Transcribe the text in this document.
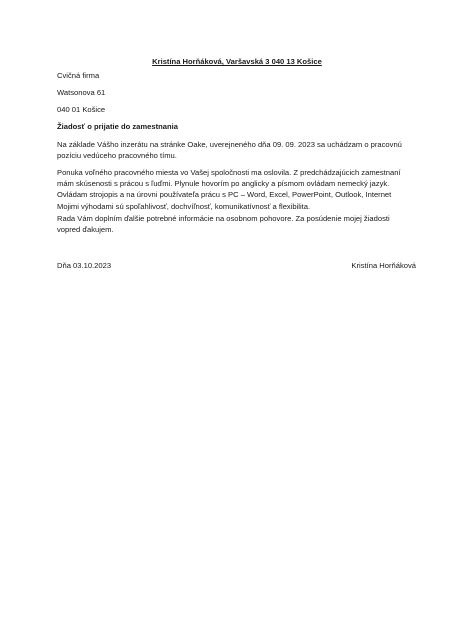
Kristína Horňáková, Varšavská 3 040 13 Košice
Cvičná firma
Watsonova 61
040 01 Košice
Žiadosť o prijatie do zamestnania

Na základe Vášho inzerátu na stránke Oake, uverejneného dňa 09. 09. 2023 sa uchádzam o pracovnú

pozíciu vedúceho pracovného tímu.

Ponuka voľného pracovného miesta vo Vašej spoločnosti ma oslovila. Z predchádzajúcich zamestnaní

mám skúsenosti s prácou s ľuďmi. Plynule hovorím po anglicky a písmom ovládam nemecký jazyk.

Ovládam strojopis a na úrovni používateľa prácu s PC – Word, Excel, PowerPoint, Outlook, Internet

Mojimi výhodami sú spoľahlivosť, dochvíľnosť, komunikatívnosť a flexibilita.

Rada Vám doplním ďalšie potrebné informácie na osobnom pohovore. Za posúdenie mojej žiadosti

vopred ďakujem.

Dňa 03.10.2023	Kristína Horňáková
